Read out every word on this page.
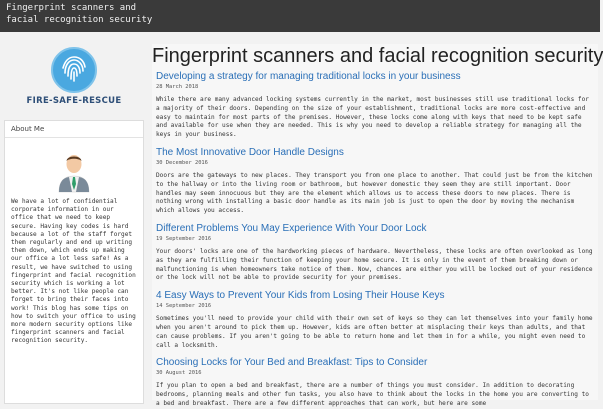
Fingerprint scanners and
facial recognition security
FIRE-SAFE-RESCUE
About Me
We have a lot of confidential corporate information in our office that we need to keep secure. Having key codes is hard because a lot of the staff forget them regularly and end up writing them down, which ends up making our office a lot less safe! As a result, we have switched to using fingerprint and facial recognition security which is working a lot better. It's not like people can forget to bring their faces into work! This blog has some tips on how to switch your office to using more modern security options like fingerprint scanners and facial recognition security.
Fingerprint scanners and facial recognition security
Developing a strategy for managing traditional locks in your business
28 March 2018
While there are many advanced locking systems currently in the market, most businesses still use traditional locks for a majority of their doors. Depending on the size of your establishment, traditional locks are more cost-effective and easy to maintain for most parts of the premises. However, these locks come along with keys that need to be kept safe and available for use when they are needed. This is why you need to develop a reliable strategy for managing all the keys in your business.
The Most Innovative Door Handle Designs
30 December 2016
Doors are the gateways to new places. They transport you from one place to another. That could just be from the kitchen to the hallway or into the living room or bathroom, but however domestic they seem they are still important. Door handles may seem innocuous but they are the element which allows us to access these doors to new places. There is nothing wrong with installing a basic door handle as its main job is just to open the door by moving the mechanism which allows you access.
Different Problems You May Experience With Your Door Lock
19 September 2016
Your doors' locks are one of the hardworking pieces of hardware. Nevertheless, these locks are often overlooked as long as they are fulfilling their function of keeping your home secure. It is only in the event of them breaking down or malfunctioning is when homeowners take notice of them. Now, chances are either you will be locked out of your residence or the lock will not be able to provide security for your premises.
4 Easy Ways to Prevent Your Kids from Losing Their House Keys
14 September 2016
Sometimes you'll need to provide your child with their own set of keys so they can let themselves into your family home when you aren't around to pick them up. However, kids are often better at misplacing their keys than adults, and that can cause problems. If you aren't going to be able to return home and let them in for a while, you might even need to call a locksmith.
Choosing Locks for Your Bed and Breakfast: Tips to Consider
30 August 2016
If you plan to open a bed and breakfast, there are a number of things you must consider. In addition to decorating bedrooms, planning meals and other fun tasks, you also have to think about the locks in the home you are converting to a bed and breakfast. There are a few different approaches that can work, but here are some
